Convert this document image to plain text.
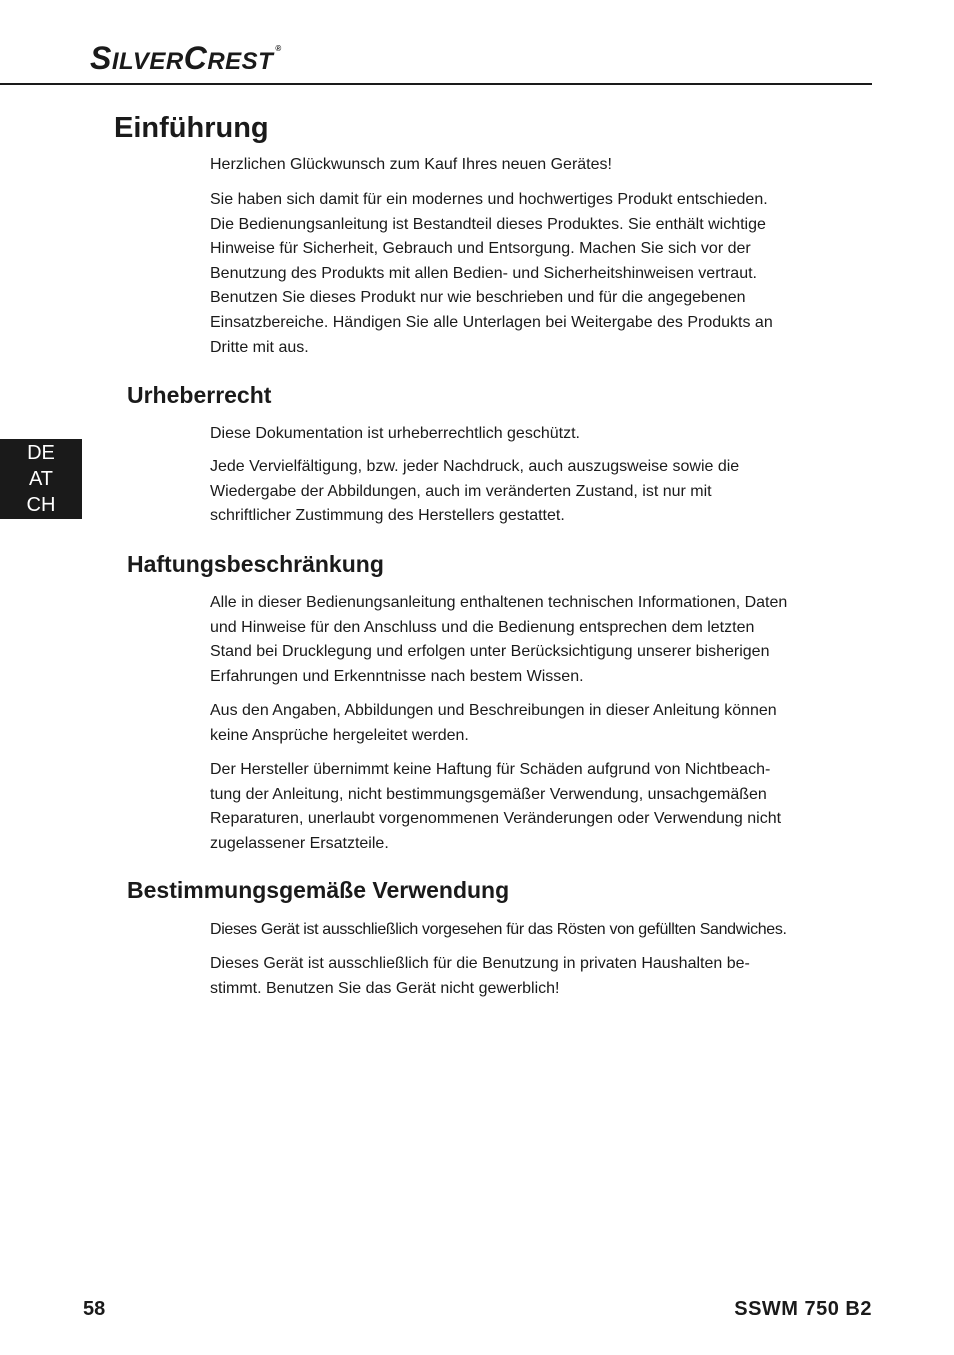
SILVERCREST ®
Einführung
Herzlichen Glückwunsch zum Kauf Ihres neuen Gerätes!
Sie haben sich damit für ein modernes und hochwertiges Produkt entschieden.
Die Bedienungsanleitung ist Bestandteil dieses Produktes. Sie enthält wichtige
Hinweise für Sicherheit, Gebrauch und Entsorgung. Machen Sie sich vor der
Benutzung des Produkts mit allen Bedien- und Sicherheitshinweisen vertraut.
Benutzen Sie dieses Produkt nur wie beschrieben und für die angegebenen
Einsatzbereiche. Händigen Sie alle Unterlagen bei Weitergabe des Produkts an
Dritte mit aus.
Urheberrecht
Diese Dokumentation ist urheberrechtlich geschützt.
Jede Vervielfältigung, bzw. jeder Nachdruck, auch auszugsweise sowie die
Wiedergabe der Abbildungen, auch im veränderten Zustand, ist nur mit
schriftlicher Zustimmung des Herstellers gestattet.
DE
AT
CH
Haftungsbeschränkung
Alle in dieser Bedienungsanleitung enthaltenen technischen Informationen, Daten
und Hinweise für den Anschluss und die Bedienung entsprechen dem letzten
Stand bei Drucklegung und erfolgen unter Berücksichtigung unserer bisherigen
Erfahrungen und Erkenntnisse nach bestem Wissen.
Aus den Angaben, Abbildungen und Beschreibungen in dieser Anleitung können
keine Ansprüche hergeleitet werden.
Der Hersteller übernimmt keine Haftung für Schäden aufgrund von Nichtbeach-
tung der Anleitung, nicht bestimmungsgemäßer Verwendung, unsachgemäßen
Reparaturen, unerlaubt vorgenommenen Veränderungen oder Verwendung nicht
zugelassener Ersatzteile.
Bestimmungsgemäße Verwendung
Dieses Gerät ist ausschließlich vorgesehen für das Rösten von gefüllten Sandwiches.
Dieses Gerät ist ausschließlich für die Benutzung in privaten Haushalten be-
stimmt. Benutzen Sie das Gerät nicht gewerblich!
58	SSWM 750 B2
